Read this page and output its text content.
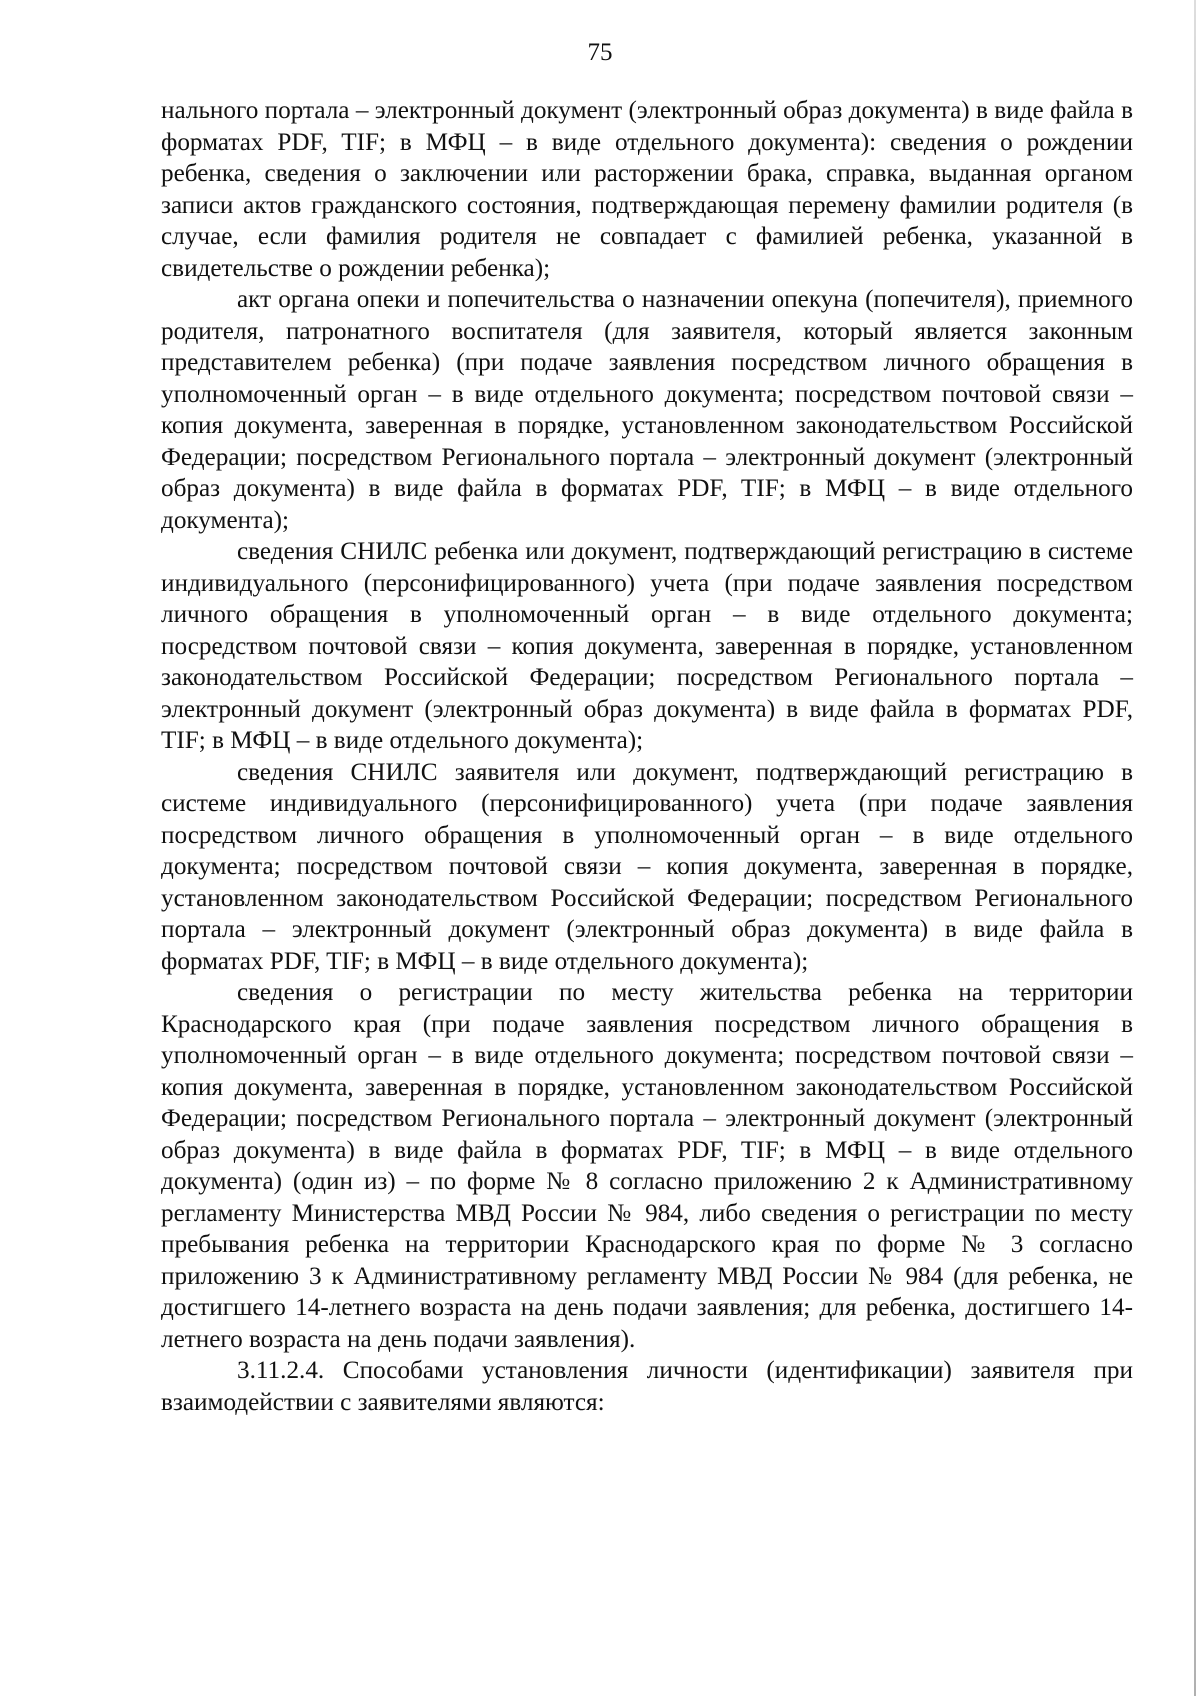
75

нального портала – электронный документ (электронный образ документа) в виде файла в форматах PDF, TIF; в МФЦ – в виде отдельного документа): сведения о рождении ребенка, сведения о заключении или расторжении брака, справка, выданная органом записи актов гражданского состояния, подтверждающая перемену фамилии родителя (в случае, если фамилия родителя не совпадает с фамилией ребенка, указанной в свидетельстве о рождении ребенка);

акт органа опеки и попечительства о назначении опекуна (попечителя), приемного родителя, патронатного воспитателя (для заявителя, который является законным представителем ребенка) (при подаче заявления посредством личного обращения в уполномоченный орган – в виде отдельного документа; посредством почтовой связи – копия документа, заверенная в порядке, установленном законодательством Российской Федерации; посредством Регионального портала – электронный документ (электронный образ документа) в виде файла в форматах PDF, TIF; в МФЦ – в виде отдельного документа);

сведения СНИЛС ребенка или документ, подтверждающий регистрацию в системе индивидуального (персонифицированного) учета (при подаче заявления посредством личного обращения в уполномоченный орган – в виде отдельного документа; посредством почтовой связи – копия документа, заверенная в порядке, установленном законодательством Российской Федерации; посредством Регионального портала – электронный документ (электронный образ документа) в виде файла в форматах PDF, TIF; в МФЦ – в виде отдельного документа);

сведения СНИЛС заявителя или документ, подтверждающий регистрацию в системе индивидуального (персонифицированного) учета (при подаче заявления посредством личного обращения в уполномоченный орган – в виде отдельного документа; посредством почтовой связи – копия документа, заверенная в порядке, установленном законодательством Российской Федерации; посредством Регионального портала – электронный документ (электронный образ документа) в виде файла в форматах PDF, TIF; в МФЦ – в виде отдельного документа);

сведения о регистрации по месту жительства ребенка на территории Краснодарского края (при подаче заявления посредством личного обращения в уполномоченный орган – в виде отдельного документа; посредством почтовой связи – копия документа, заверенная в порядке, установленном законодательством Российской Федерации; посредством Регионального портала – электронный документ (электронный образ документа) в виде файла в форматах PDF, TIF; в МФЦ – в виде отдельного документа) (один из) – по форме № 8 согласно приложению 2 к Административному регламенту Министерства МВД России № 984, либо сведения о регистрации по месту пребывания ребенка на территории Краснодарского края по форме № 3 согласно приложению 3 к Административному регламенту МВД России № 984 (для ребенка, не достигшего 14-летнего возраста на день подачи заявления; для ребенка, достигшего 14-летнего возраста на день подачи заявления).

3.11.2.4. Способами установления личности (идентификации) заявителя при взаимодействии с заявителями являются:
